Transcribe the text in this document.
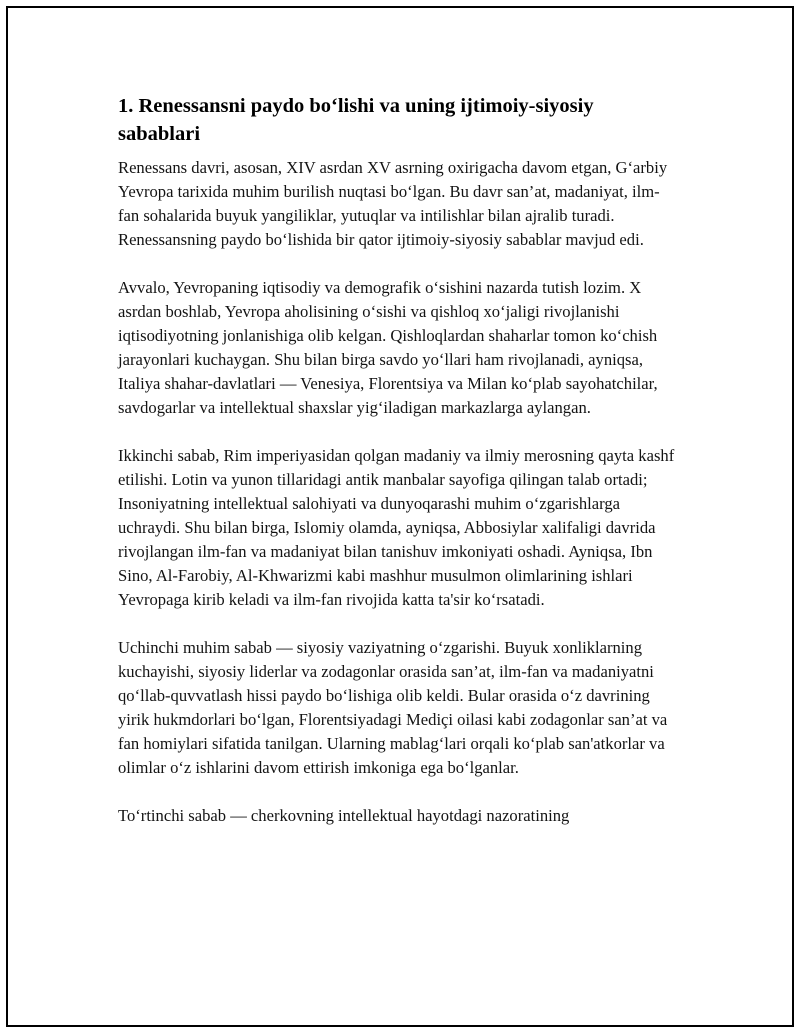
1. Renessansni paydo bo‘lishi va uning ijtimoiy-siyosiy sabablari

Renessans davri, asosan, XIV asrdan XV asrning oxirigacha davom etgan, G‘arbiy Yevropa tarixida muhim burilish nuqtasi bo‘lgan. Bu davr san’at, madaniyat, ilm-fan sohalarida buyuk yangiliklar, yutuqlar va intilishlar bilan ajralib turadi. Renessansning paydo bo‘lishida bir qator ijtimoiy-siyosiy sabablar mavjud edi.

Avvalo, Yevropaning iqtisodiy va demografik o‘sishini nazarda tutish lozim. X asrdan boshlab, Yevropa aholisining o‘sishi va qishloq xo‘jaligi rivojlanishi iqtisodiyotning jonlanishiga olib kelgan. Qishloqlardan shaharlar tomon ko‘chish jarayonlari kuchaygan. Shu bilan birga savdo yo‘llari ham rivojlanadi, ayniqsa, Italiya shahar-davlatlari — Venesiya, Florentsiya va Milan ko‘plab sayohatchilar, savdogarlar va intellektual shaxslar yig‘iladigan markazlarga aylangan.

Ikkinchi sabab, Rim imperiyasidan qolgan madaniy va ilmiy merosning qayta kashf etilishi. Lotin va yunon tillaridagi antik manbalar sayofiga qilingan talab ortadi; Insoniyatning intellektual salohiyati va dunyoqarashi muhim o‘zgarishlarga uchraydi. Shu bilan birga, Islomiy olamda, ayniqsa, Abbosiylar xalifaligi davrida rivojlangan ilm-fan va madaniyat bilan tanishuv imkoniyati oshadi. Ayniqsa, Ibn Sino, Al-Farobiy, Al-Khwarizmi kabi mashhur musulmon olimlarining ishlari Yevropaga kirib keladi va ilm-fan rivojida katta ta'sir ko‘rsatadi.

Uchinchi muhim sabab — siyosiy vaziyatning o‘zgarishi. Buyuk xonliklarning kuchayishi, siyosiy liderlar va zodagonlar orasida san’at, ilm-fan va madaniyatni qo‘llab-quvvatlash hissi paydo bo‘lishiga olib keldi. Bular orasida o‘z davrining yirik hukmdorlari bo‘lgan, Florentsiyadagi Mediçi oilasi kabi zodagonlar san’at va fan homiylari sifatida tanilgan. Ularning mablag‘lari orqali ko‘plab san'atkorlar va olimlar o‘z ishlarini davom ettirish imkoniga ega bo‘lganlar.

To‘rtinchi sabab — cherkovning intellektual hayotdagi nazoratining
